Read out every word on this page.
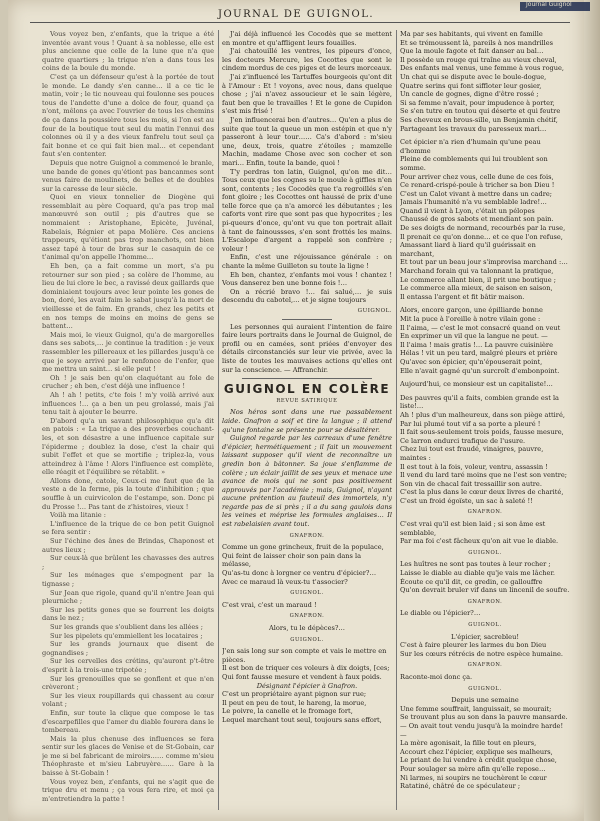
Journal Guignol
JOURNAL DE GUIGNOL.

Vous voyez ben, z'enfants, que la trique a été inventée avant vous ! Quant à sa noblesse, elle est plus ancienne que celle de la lune que n'a que quatre quartiers ; la trique n'en a dans tous les coins de la boule du monde.

C'est ça un défenseur qu'est à la portée de tout le monde. Le dandy s'en canne… il a ce tic le matin, voir ; le tic nouveau qui foulonne ses pouces tous de l'andette d'une a dolce de four, quand ça n'ont, mêlons ça avec l'ouvrier de tous les chemins de ça dans la poussière tous les mois, si l'on est au four de la boutique tout seul du matin l'ennui des colonnes où il y a des vieux fanfrelu tout seul ça fait bonne et ce qui fait bien mal… et cependant faut s'en contenter.

Depuis que notre Guignol a commencé le branle, une bande de gones qu'étiont pas bancanmes sont venus faire de moulinets, de belles et de doubles sur la caresse de leur siècle.

Quoi en vieux tonnelier de Diogène qui ressemblait au père Coquard, qu'a pas trop mal manœuvré son outil ; pis d'autres que se nommaient : Aristophane, Epicète, Juvénal, Rabelais, Régnier et papa Molière. Ces anciens trappeurs, qu'étiont pas trop manchots, ont bien assez tapé à tour de bras sur le casaquin de ce t'animal qu'on appelle l'homme…

Eh ben, ça a fait comme un mort, s'a pu retourner sur son pied ; sa colère de l'homme, au lieu de lui clore le bec, a ravissé deux gaillards que dominiaient toujours avec leur pointe les gones de bon, doré, les avait faim le sabat jusqu'à la mort de vieillesse et de faim. En grands, chez les petits et en nos temps de moins en moins de gens se battent…

Mais moi, le vieux Guignol, qu'a de margorelles dans ses sabots,… je continue la tradition : je veux rassembler les pillereaux et les pillardes jusqu'à ce que je soye arrivé par le renfonce de l'enfer, que me mettra un saint… si elle peut !

Oh ! je sais ben qu'on claquétant au fole de crucher ; eh ben, c'est déjà une influence !

Ah ! ah ! petits, c'te fois ! m'y voilà arrivé aux influences !… ça a ben un peu grolassé, mais j'ai tenu tait à ajouter le beurre.

D'abord qu'a un savant philosophique qu'a dit en patois : « La trique a des proverbes couchant-les, et son désastre a une influence capitale sur l'épiderme ; doublez la dose, c'est la chair qui subit l'effet et que se mortifie ; triplez-la, vous atteindrez à l'âme ! Alors l'influence est complète, elle réagit et l'équilibre se rétablit. »

Allons done, catole, Ceux-ci me faut que de la veste a de la ferme, pis la toute d'inhibition ; que souffle à un cuirvicolon de l'estampe, son. Donc pi du Prosse !… Pas tant de z'histoires, vieux !

Voilà ma litanie :

L'influence de la trique de ce bon petit Guignol se fera sentir :

Sur l'échine des ânes de Brindas, Chaponost et autres lieux ;

Sur ceux-là que brûlent les chavasses des autres ;

Sur les ménages que s'empognent par la tignasse ;

Sur Jean que rigole, quand qu'il n'entre Jean qui pleurniche ;

Sur les petits gones que se fourrent les doigts dans le nez ;

Sur les grands que s'oublient dans les allées ;

Sur les pipelets qu'emmiellent les locataires ;

Sur les grands journaux que disent de gognandises ;

Sur les cervelles des crétins, qu'auront p't-être d'esprit à la trois-une tripotée ;

Sur les grenouilles que se gonflent et que n'en crèveront ;

Sur les vieux roupillards qui chassent au cœur volant ;

Enfin, sur toute la clique que compose le tas d'escarpefilles que l'amer du diable fourera dans le tombereau.

Mais la plus chenuse des influences se fera sentir sur les glaces de Venise et de St-Gobain, car je me si bel fabricant de miroirs…… comme m'sieu Théophraste et m'sieu Labruyère…… Gare à la baisse à St-Gobain !

Vous voyez ben, z'enfants, qui ne s'agit que de trique dru et menu ; ça vous fera rire, et moi ça m'entretiendra la patte !

J'ai déjà influencé les Cocodès que se mettent en montre et qu'affligent leurs fouailles.

J'ai chatouillé les ventres, les pipeurs d'once, les docteurs Mercure, les Cocottes que sont le cindem mordus de ces piges et de leurs morceaux.

J'ai z'influencé les Tartuffes bourgeois qu'ont dit à l'Amour : Et ! voyons, avec nous, dans quelque chose ; j'ai n'avez assoucieur et le sain légère, faut ben que le travailles ! Et le gone de Cupidon s'est mis frisé !

J'en influencerai ben d'autres… Qu'en a plus de suite que tout la queue un mon estépin et que n'y passeront à leur tour…… Ca's d'abord : m'sieu une, deux, trois, quatre z'étoiles ; mamzelle Machin, madame Chose avec son cocher et son mari… Enfin, toute la bande, quoi !

T'y perdras ton latin, Guignol, qu'on me dit… Tous ceux que les cognes su le moule à giffles n'en sont, contents ; les Cocodès que t'a regroillés s'en font gloire ; les Cocottes ont haussé de prix d'une telle force que ça n'a amorcé les débutantes ; les caforts vont rire que sont pas que hypocrites ; les pi-queurs d'once, qu'ont vu que ton portrait allait à tant de fainoussses, s'en sont frottés les mains. L'Escalope d'argent a rappelé son confrère ; voleur !

Enfin, c'est une réjouissance générale : on chante la même Guilleton su toute la ligne !

Eh ben, chantez, z'enfants moi vous ! chantez ! Vous danserez ben une bonne fois !…

On a récrié bravo !… fai salué,… je suis descendu du cabotel,… et je signe toujours

GUIGNOL.

Les personnes qui auraient l'intention de faire faire leurs portraits dans le Journal de Guignol, de profil ou en camées, sont priées d'envoyer des détails circonstanciés sur leur vie privée, avec la liste de toutes les mauvaises actions qu'elles ont sur la conscience. — Affranchir.

GUIGNOL EN COLÈRE

REVUE SATIRIQUE

Nos héros sont dans une rue passablement laide. Gnafron a soif et tire la langue ; il attend qu'une fontaine se présente pour se désaltérer.

Guignol regarde par les carreaux d'une fenêtre d'épicier, hermétiquement ; il fait un mouvement laissant supposer qu'il vient de reconnaître un gredin bon à bâtonner. Sa joue s'enflamme de colère ; un éclair jaillit de ses yeux et menace une avance de mois qui ne sont pas positivement approuvés par l'académie ; mais, Guignol, n'ayant aucune prétention au fauteuil des immortels, n'y regarde pas de si près ; il a du sang gaulois dans les veines et méprise les formules anglaises… Il est rabelaisien avant tout.

GNAFRON.

Comme un gone grincheux, fruit de la populace,

Qui feint de laisser choir son pain dans la mélasse,

Qu'as-tu donc à lorgner ce ventru d'épicier?…

Avec ce maraud là veux-tu t'associer?

GUIGNOL.

C'est vrai, c'est un maraud !

GNAFRON.

Alors, tu le dépèces?…

GUIGNOL.

J'en sais long sur son compte et vais le mettre en pièces.

Il est bon de triquer ces voleurs à dix doigts, [ces;

Qui font fausse mesure et vendent à faux poids.

Désignant l'épicier à Gnafron.

C'est un propriétaire ayant pignon sur rue;

Il peut en peu de tout, le hareng, la morue,

Le poivre, la canelle et le fromage fort,

Lequel marchant tout seul, toujours sans effort,

Ma par ses habitants, qui vivent en famille

Et se trémoussent là, pareils à nos mandrilles

Que la moule fagote et fait danser au bal…

Il possède un rouge qui traîne au vieux cheval,

Des enfants mal venus, une femme à vous rogue,

Un chat qui se dispute avec le boule-dogue,

Quatre serins qui font siffloter leur gosier,

Un cancle de gognes, digne d'être rossé ;

Si sa femme n'avait, pour impudence à porter,

Se s'en tutre en toutou qui déserte et qui feutre

Ses cheveux en brous-sille, un Benjamin chétif,

Partageant les travaux du paresseux mari…

Cet épicier n'a rien d'humain qu'une peau d'homme

Pleine de comblements qui lui troublent son somme.

Pour arriver chez vous, celle dune de ces fois,

Ce renard-crispé-poule à tricher sa bon Dieu !

C'est un Calot vivant à mettre dans un cadre;

Jamais l'humanité n'a vu semblable ladre!…

Quand il vient à Lyon, c'était un pélopes

Chaussé de gros sabots et mendiant son pain.

De ses doigts de normand, recourbés par la ruse,

Il prenait ce qu'on donne… et ce que l'on refuse,

Amassant liard à liard qu'il guérissait en marchant,

Et tout par un beau jour s'improvisa marchand :…

Marchand forain qui va talonnant la pratique,

Le commerce allant bien, il prit une boutique ;

Le commerce alla mieux, de saison en saison,

Il entassa l'argent et fit bâtir maison.

Alors, encore garçon, une épilliarde bonne

Mit la puce à l'oreille à notre vilain gone :

Il l'aima, — c'est le mot consacré quand on veut

En exprimer un vil que la langue ne peut. —

Il l'aima ! mais gratis !… La pauvre cuisinière

Hélas ! vit un peu tard, malgré pleurs et prière

Qu'avec son épicier, qu'n'épouserait point,

Elle n'avait gagné qu'un surcroît d'embonpoint.

Aujourd'hui, ce monsieur est un capitaliste!…

Des pauvres qu'il a faits, combien grande est la liste!…

Ah ! plus d'un malheureux, dans son piège attiré,

Par lui plumé tout vif a sa porte a pleuré !

Il fait sous-seulement trois poids, fausse mesure,

Ce larron endurci trafique de l'usure.

Chez lui tout est fraudé, vinaigres, pauvre, maintes :

Il est tout à la fois, voleur, ventru, assassin !

Il vend du lard taré moins que ne l'est son ventre;

Son vin de chacal fait tressaillir son autre.

C'est la plus dans le cœur deux livres de charité,

C'est un froid égoïste, un sac à saleté !!

GNAFRON.

C'est vrai qu'il est bien laid ; si son âme est semblable,

Par ma foi c'est fâcheux qu'on ait vue le diable.

GUIGNOL.

Les huîtres ne sont pas toutes à leur rocher ;

Laisse le diable au diable qu'je vais me lâcher.

Écoute ce qu'il dit, ce gredin, ce gallouffre

Qu'on devrait bruler vif dans un lincenil de soufre.

GNAFRON.

Le diable ou l'épicier?…

GUIGNOL.

L'épicier, sacrebleu!

C'est à faire pleurer les larmes du bon Dieu

Sur les cœurs rétrécis de notre espèce humaine.

GNAFRON.

Raconte-moi donc ça.

GUIGNOL.

Depuis une semaine

Une femme souffrait, languissait, se mourait;

Se trouvant plus au son dans la pauvre mansarde.

— On avait tout vendu jusqu'à la moindre harde! —

La mère agonisait, la fille tout en pleurs,

Accourt chez l'épicier, explique ses malheurs,

Le priant de lui vendre à crédit quelque chose,

Pour soulager sa mère afin qu'elle repose…

Ni larmes, ni soupirs ne touchèrent le cœur

Ratatiné, châtré de ce spéculateur ;
